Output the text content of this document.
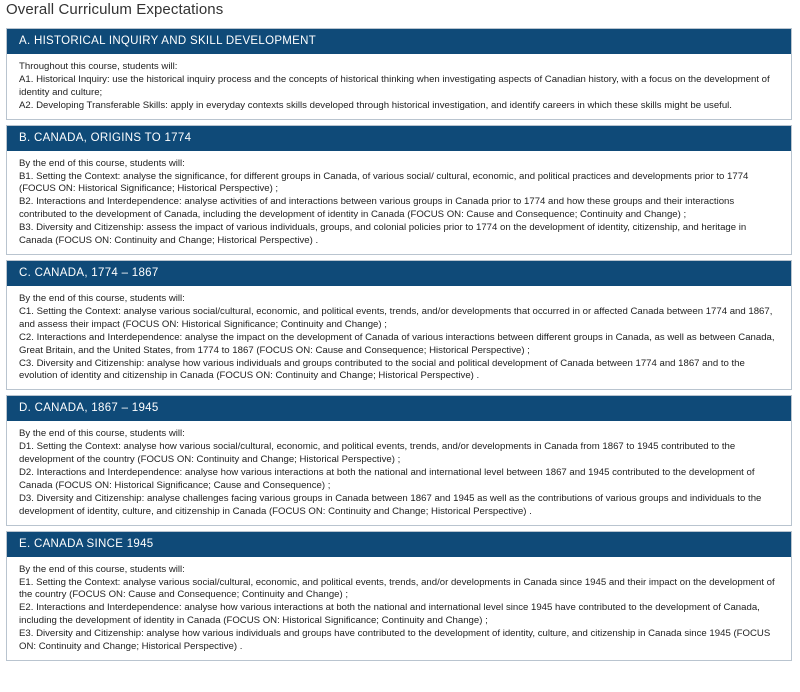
Overall Curriculum Expectations
A. HISTORICAL INQUIRY AND SKILL DEVELOPMENT

Throughout this course, students will:

A1. Historical Inquiry: use the historical inquiry process and the concepts of historical thinking when investigating aspects of Canadian history, with a focus on the development of identity and culture;

A2. Developing Transferable Skills: apply in everyday contexts skills developed through historical investigation, and identify careers in which these skills might be useful.

B. CANADA, ORIGINS TO 1774

By the end of this course, students will:

B1. Setting the Context: analyse the significance, for different groups in Canada, of various social/ cultural, economic, and political practices and developments prior to 1774 (FOCUS ON: Historical Significance; Historical Perspective) ;

B2. Interactions and Interdependence: analyse activities of and interactions between various groups in Canada prior to 1774 and how these groups and their interactions contributed to the development of Canada, including the development of identity in Canada (FOCUS ON: Cause and Consequence; Continuity and Change) ;

B3. Diversity and Citizenship: assess the impact of various individuals, groups, and colonial policies prior to 1774 on the development of identity, citizenship, and heritage in Canada (FOCUS ON: Continuity and Change; Historical Perspective) .

C. CANADA, 1774 – 1867

By the end of this course, students will:

C1. Setting the Context: analyse various social/cultural, economic, and political events, trends, and/or developments that occurred in or affected Canada between 1774 and 1867, and assess their impact (FOCUS ON: Historical Significance; Continuity and Change) ;

C2. Interactions and Interdependence: analyse the impact on the development of Canada of various interactions between different groups in Canada, as well as between Canada, Great Britain, and the United States, from 1774 to 1867 (FOCUS ON: Cause and Consequence; Historical Perspective) ;

C3. Diversity and Citizenship: analyse how various individuals and groups contributed to the social and political development of Canada between 1774 and 1867 and to the evolution of identity and citizenship in Canada (FOCUS ON: Continuity and Change; Historical Perspective) .

D. CANADA, 1867 – 1945

By the end of this course, students will:

D1. Setting the Context: analyse how various social/cultural, economic, and political events, trends, and/or developments in Canada from 1867 to 1945 contributed to the development of the country (FOCUS ON: Continuity and Change; Historical Perspective) ;

D2. Interactions and Interdependence: analyse how various interactions at both the national and international level between 1867 and 1945 contributed to the development of Canada (FOCUS ON: Historical Significance; Cause and Consequence) ;

D3. Diversity and Citizenship: analyse challenges facing various groups in Canada between 1867 and 1945 as well as the contributions of various groups and individuals to the development of identity, culture, and citizenship in Canada (FOCUS ON: Continuity and Change; Historical Perspective) .

E. CANADA SINCE 1945

By the end of this course, students will:

E1. Setting the Context: analyse various social/cultural, economic, and political events, trends, and/or developments in Canada since 1945 and their impact on the development of the country (FOCUS ON: Cause and Consequence; Continuity and Change) ;

E2. Interactions and Interdependence: analyse how various interactions at both the national and international level since 1945 have contributed to the development of Canada, including the development of identity in Canada (FOCUS ON: Historical Significance; Continuity and Change) ;

E3. Diversity and Citizenship: analyse how various individuals and groups have contributed to the development of identity, culture, and citizenship in Canada since 1945 (FOCUS ON: Continuity and Change; Historical Perspective) .
